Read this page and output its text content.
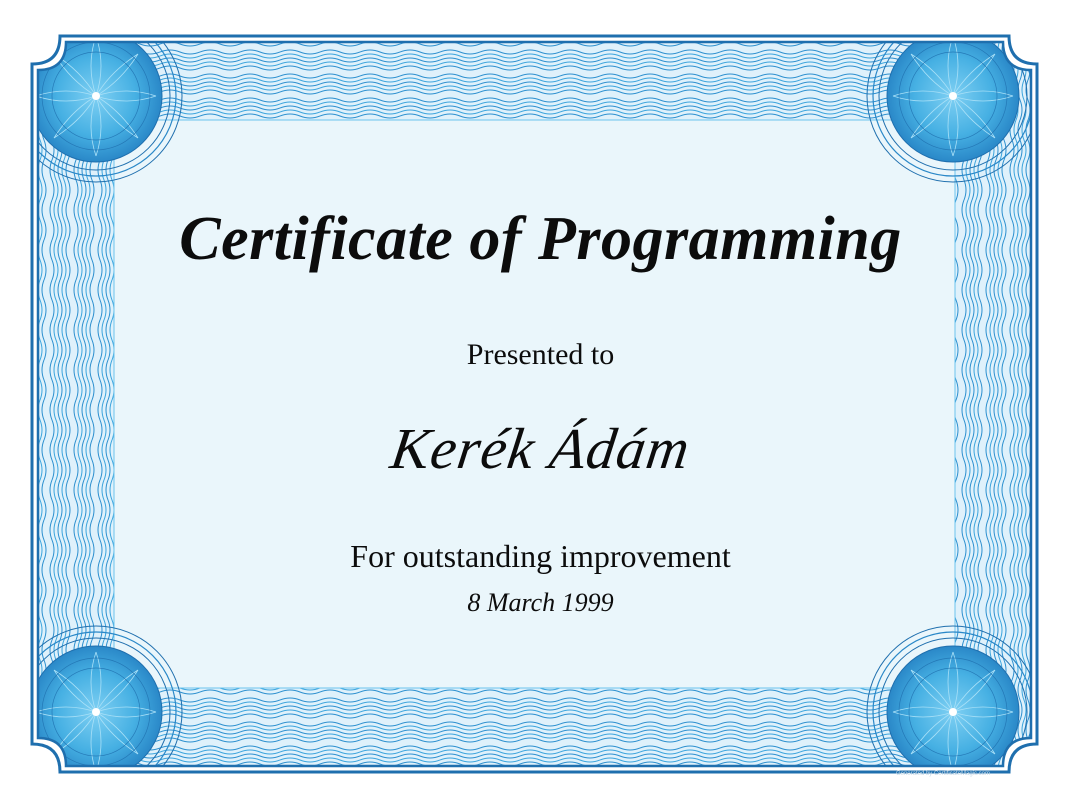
Certificate of Programming
Presented to
Kerék Ádám
For outstanding improvement
8 March 1999
Generated by CertificateMagic.com
